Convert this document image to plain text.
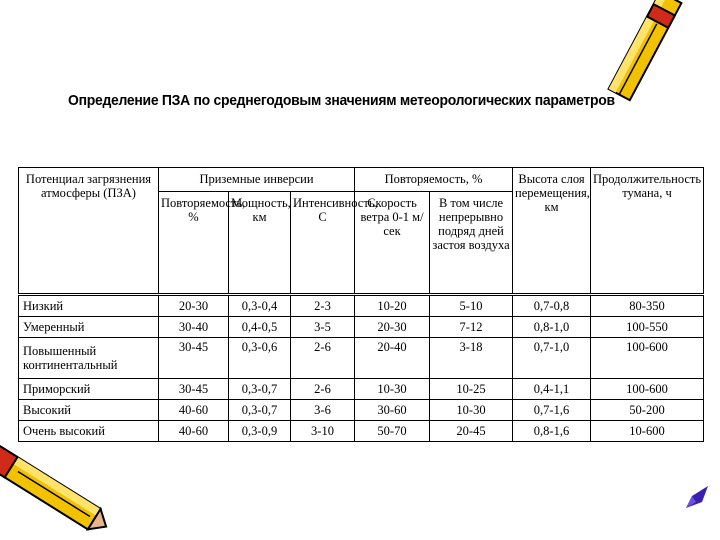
Определение ПЗА по среднегодовым значениям метеорологических параметров
Потенциал загрязнения атмосферы (ПЗА)	Приземные инверсии			Повторяемость, %		Высота слоя перемещения, км	Продолжительность тумана, ч
	Повторяемость, %	Мощность, км	Интенсивность, С	Скорость ветра 0-1 м/сек	В том числе непрерывно подряд дней застоя воздуха		
Низкий	20-30	0,3-0,4	2-3	10-20	5-10	0,7-0,8	80-350
Умеренный	30-40	0,4-0,5	3-5	20-30	7-12	0,8-1,0	100-550
Повышенный континентальный	30-45	0,3-0,6	2-6	20-40	3-18	0,7-1,0	100-600
Приморский	30-45	0,3-0,7	2-6	10-30	10-25	0,4-1,1	100-600
Высокий	40-60	0,3-0,7	3-6	30-60	10-30	0,7-1,6	50-200
Очень высокий	40-60	0,3-0,9	3-10	50-70	20-45	0,8-1,6	10-600
